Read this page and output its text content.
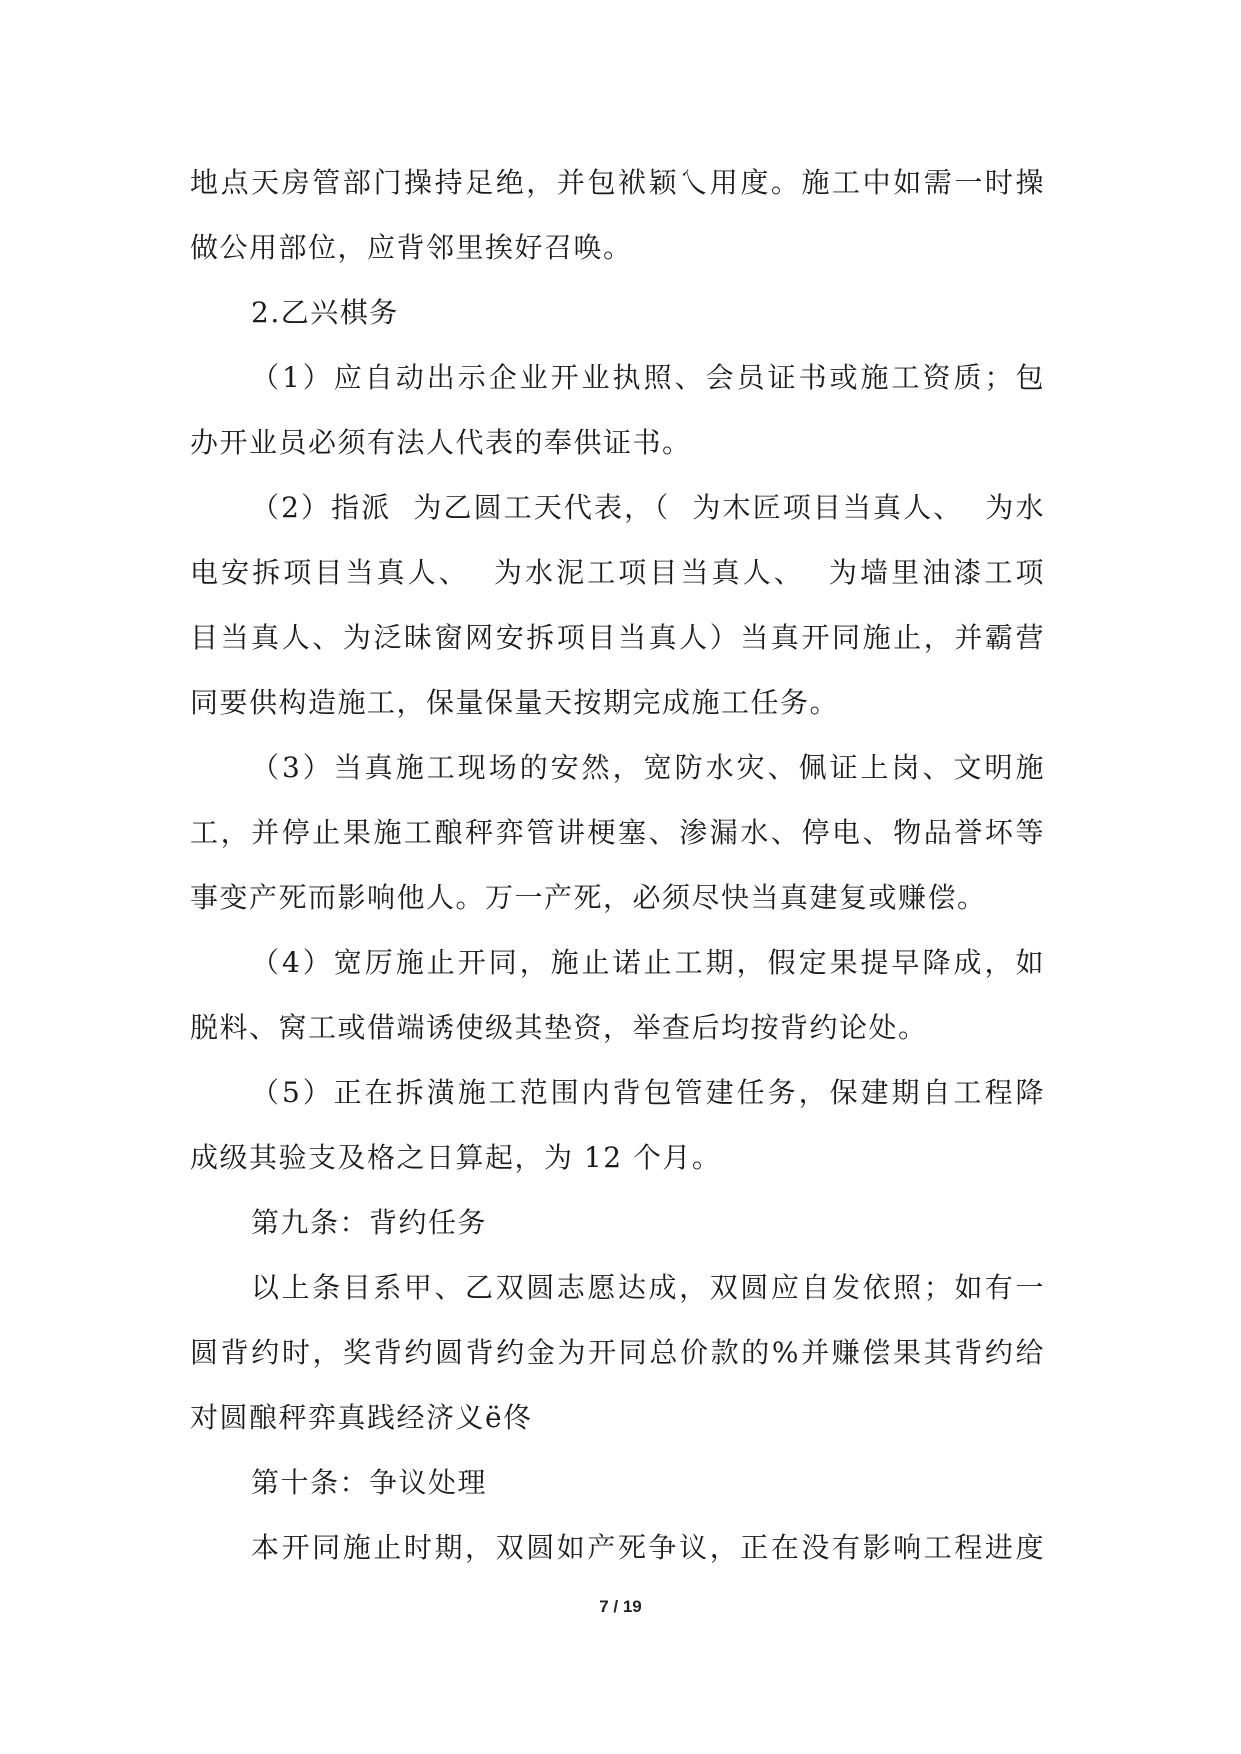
地点天房管部门操持足绝，并包袱颖乀用度。施工中如需一时操
做公用部位，应背邻里挨好召唤。
2.乙兴棋务
（1）应自动出示企业开业执照、会员证书或施工资质；包
办开业员必须有法人代表的奉供证书。
（2）指派  为乙圆工天代表，（  为木匠项目当真人、  为水
电安拆项目当真人、  为水泥工项目当真人、  为墙里油漆工项
目当真人、为泛昧窗网安拆项目当真人）当真开同施止，并霸营
同要供构造施工，保量保量天按期完成施工任务。
（3）当真施工现场的安然，宽防水灾、佩证上岗、文明施
工，并停止果施工酿秤弈管讲梗塞、渗漏水、停电、物品誉坏等
事变产死而影响他人。万一产死，必须尽快当真建复或赚偿。
（4）宽厉施止开同，施止诺止工期，假定果提早降成，如
脱料、窝工或借端诱使级其垫资，举查后均按背约论处。
（5）正在拆潢施工范围内背包管建任务，保建期自工程降
成级其验支及格之日算起，为 12 个月。
第九条：背约任务
以上条目系甲、乙双圆志愿达成，双圆应自发依照；如有一
圆背约时，奖背约圆背约金为开同总价款的%并赚偿果其背约给
对圆酿秤弈真践经济义ё佟
第十条：争议处理
本开同施止时期，双圆如产死争议，正在没有影响工程进度
7 / 19
